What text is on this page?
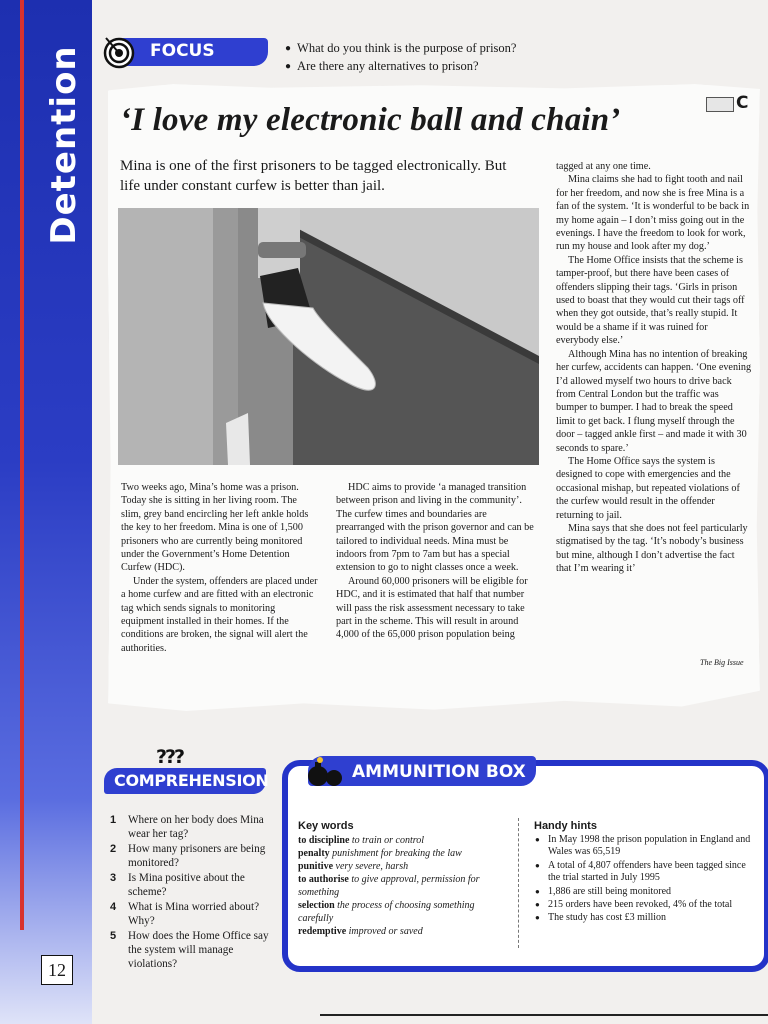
Detention
12
FOCUS
●	What do you think is the purpose of prison?
● Are there any alternatives to prison?
‘I love my electronic ball and chain’	C
Mina is one of the first prisoners to be tagged electronically. But life under constant curfew is better than jail.

Two weeks ago, Mina’s home was a prison. Today she is sitting in her living room. The slim, grey band encircling her left ankle holds the key to her freedom. Mina is one of 1,500 prisoners who are currently being monitored under the Government’s Home Detention Curfew (HDC).

Under the system, offenders are placed under a home curfew and are fitted with an electronic tag which sends signals to monitoring equipment installed in their homes. If the conditions are broken, the signal will alert the authorities.

HDC aims to provide ‘a managed transition between prison and living in the community’. The curfew times and boundaries are prearranged with the prison governor and can be tailored to individual needs. Mina must be indoors from 7pm to 7am but has a special extension to go to night classes once a week.

Around 60,000 prisoners will be eligible for HDC, and it is estimated that half that number will pass the risk assessment necessary to take part in the scheme. This will result in around 4,000 of the 65,000 prison population being

tagged at any one time.

Mina claims she had to fight tooth and nail for her freedom, and now she is free Mina is a fan of the system. ‘It is wonderful to be back in my home again – I don’t miss going out in the evenings. I have the freedom to look for work, run my house and look after my dog.’

The Home Office insists that the scheme is tamper-proof, but there have been cases of offenders slipping their tags. ‘Girls in prison used to boast that they would cut their tags off when they got outside, that’s really stupid. It would be a shame if it was ruined for everybody else.’

Although Mina has no intention of breaking her curfew, accidents can happen. ‘One evening I’d allowed myself two hours to drive back from Central London but the traffic was bumper to bumper. I had to break the speed limit to get back. I flung myself through the door – tagged ankle first – and made it with 30 seconds to spare.’

The Home Office says the system is designed to cope with emergencies and the occasional mishap, but repeated violations of the curfew would result in the offender returning to jail.

Mina says that she does not feel particularly stigmatised by the tag. ‘It’s nobody’s business but mine, although I don’t advertise the fact that I’m wearing it’

The Big Issue
???
COMPREHENSION
1 Where on her body does Mina wear her tag?
2 How many prisoners are being monitored?
3 Is Mina positive about the scheme?
4 What is Mina worried about? Why?
5 How does the Home Office say the system will manage violations?
AMMUNITION BOX
Key words
to discipline to train or control
penalty punishment for breaking the law
punitive very severe, harsh
to authorise to give approval, permission for something
selection the process of choosing something carefully
redemptive improved or saved
Handy hints
● In May 1998 the prison population in England and Wales was 65,519
● A total of 4,807 offenders have been tagged since the trial started in July 1995
● 1,886 are still being monitored
● 215 orders have been revoked, 4% of the total
● The study has cost £3 million
